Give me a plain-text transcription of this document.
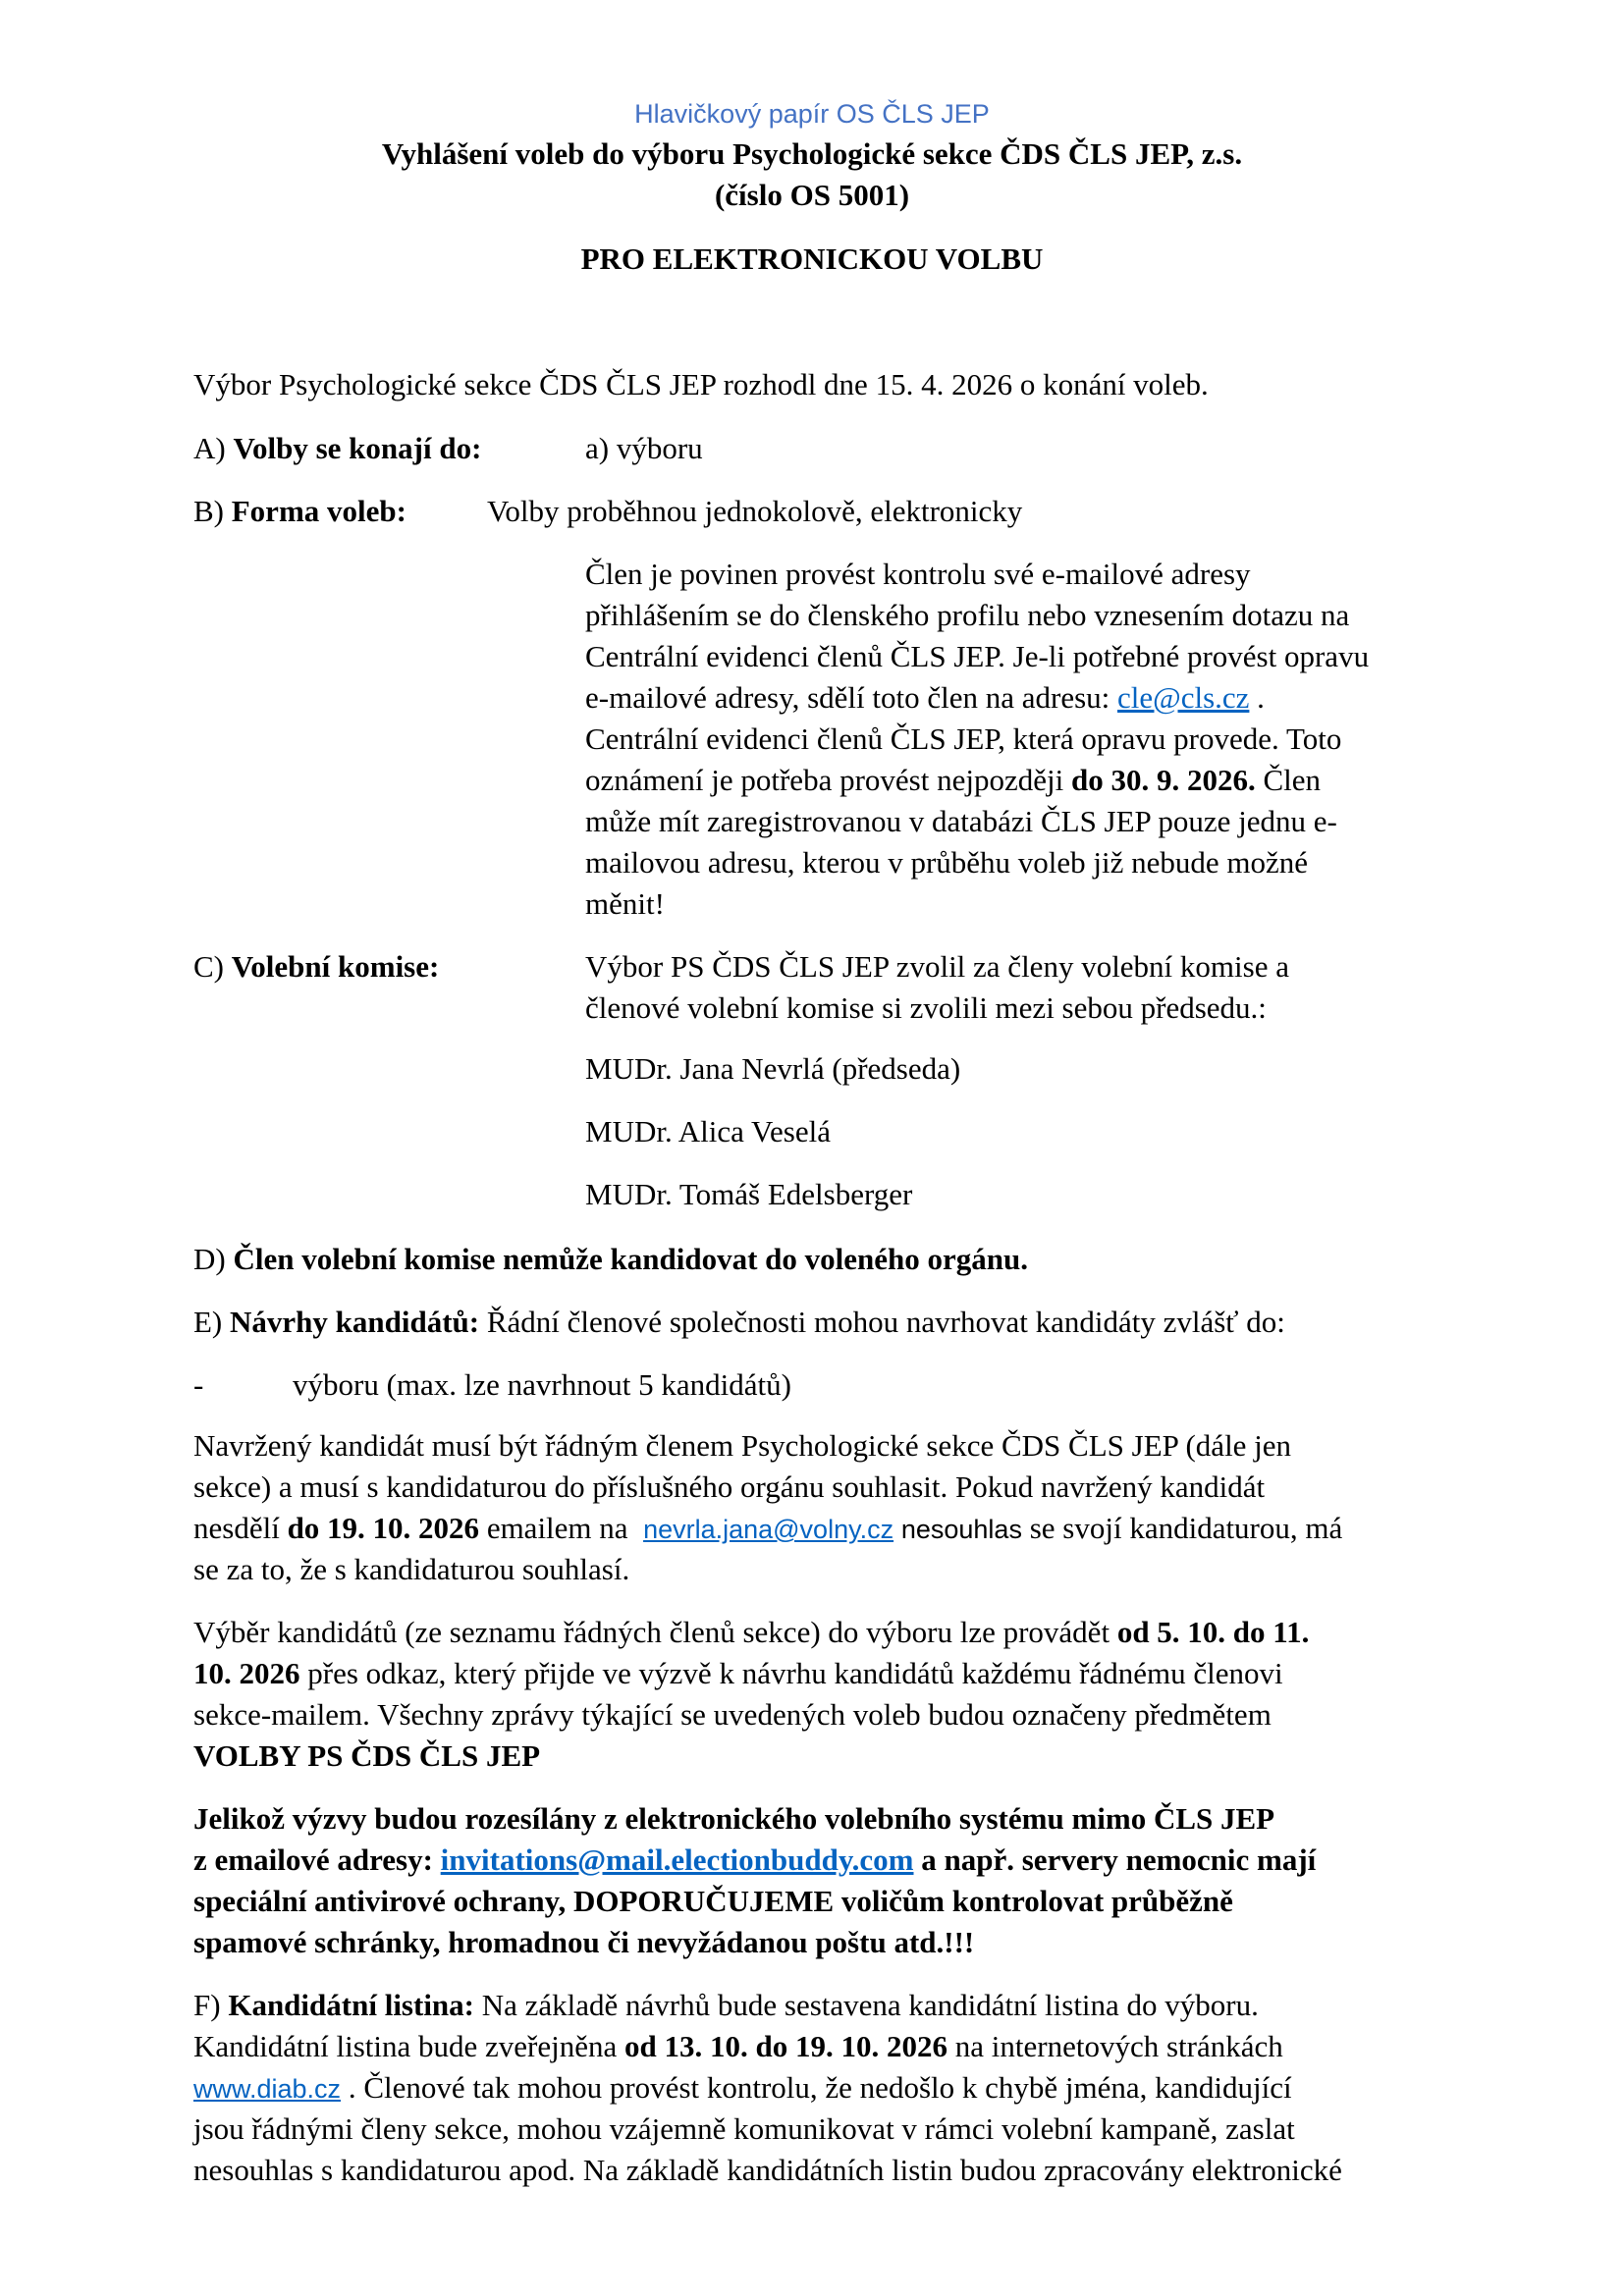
Hlavičkový papír OS ČLS JEP
Vyhlášení voleb do výboru Psychologické sekce ČDS ČLS JEP, z.s.
(číslo OS 5001)
PRO ELEKTRONICKOU VOLBU
Výbor Psychologické sekce ČDS ČLS JEP rozhodl dne 15. 4. 2026 o konání voleb.
A) Volby se konají do:	a) výboru
B) Forma voleb:	Volby proběhnou jednokolově, elektronicky
Člen je povinen provést kontrolu své e-mailové adresy
přihlášením se do členského profilu nebo vznesením dotazu na
Centrální evidenci členů ČLS JEP. Je-li potřebné provést opravu
e-mailové adresy, sdělí toto člen na adresu: cle@cls.cz .
Centrální evidenci členů ČLS JEP, která opravu provede. Toto
oznámení je potřeba provést nejpozději do 30. 9. 2026. Člen
může mít zaregistrovanou v databázi ČLS JEP pouze jednu e-
mailovou adresu, kterou v průběhu voleb již nebude možné
měnit!
C) Volební komise:	Výbor PS ČDS ČLS JEP zvolil za členy volební komise a
členové volební komise si zvolili mezi sebou předsedu.:
MUDr. Jana Nevrlá (předseda)
MUDr. Alica Veselá
MUDr. Tomáš Edelsberger
D) Člen volební komise nemůže kandidovat do voleného orgánu.
E) Návrhy kandidátů: Řádní členové společnosti mohou navrhovat kandidáty zvlášť do:
-	výboru (max. lze navrhnout 5 kandidátů)
Navržený kandidát musí být řádným členem Psychologické sekce ČDS ČLS JEP (dále jen
sekce) a musí s kandidaturou do příslušného orgánu souhlasit. Pokud navržený kandidát
nesdělí do 19. 10. 2026 emailem na nevrla.jana@volny.cz nesouhlas se svojí kandidaturou, má
se za to, že s kandidaturou souhlasí.
Výběr kandidátů (ze seznamu řádných členů sekce) do výboru lze provádět od 5. 10. do 11.
10. 2026 přes odkaz, který přijde ve výzvě k návrhu kandidátů každému řádnému členovi
sekce-mailem. Všechny zprávy týkající se uvedených voleb budou označeny předmětem
VOLBY PS ČDS ČLS JEP
Jelikož výzvy budou rozesílány z elektronického volebního systému mimo ČLS JEP
z emailové adresy: invitations@mail.electionbuddy.com a např. servery nemocnic mají
speciální antivirové ochrany, DOPORUČUJEME voličům kontrolovat průběžně
spamové schránky, hromadnou či nevyžádanou poštu atd.!!!
F) Kandidátní listina: Na základě návrhů bude sestavena kandidátní listina do výboru.
Kandidátní listina bude zveřejněna od 13. 10. do 19. 10. 2026 na internetových stránkách
www.diab.cz . Členové tak mohou provést kontrolu, že nedošlo k chybě jména, kandidující
jsou řádnými členy sekce, mohou vzájemně komunikovat v rámci volební kampaně, zaslat
nesouhlas s kandidaturou apod. Na základě kandidátních listin budou zpracovány elektronické
